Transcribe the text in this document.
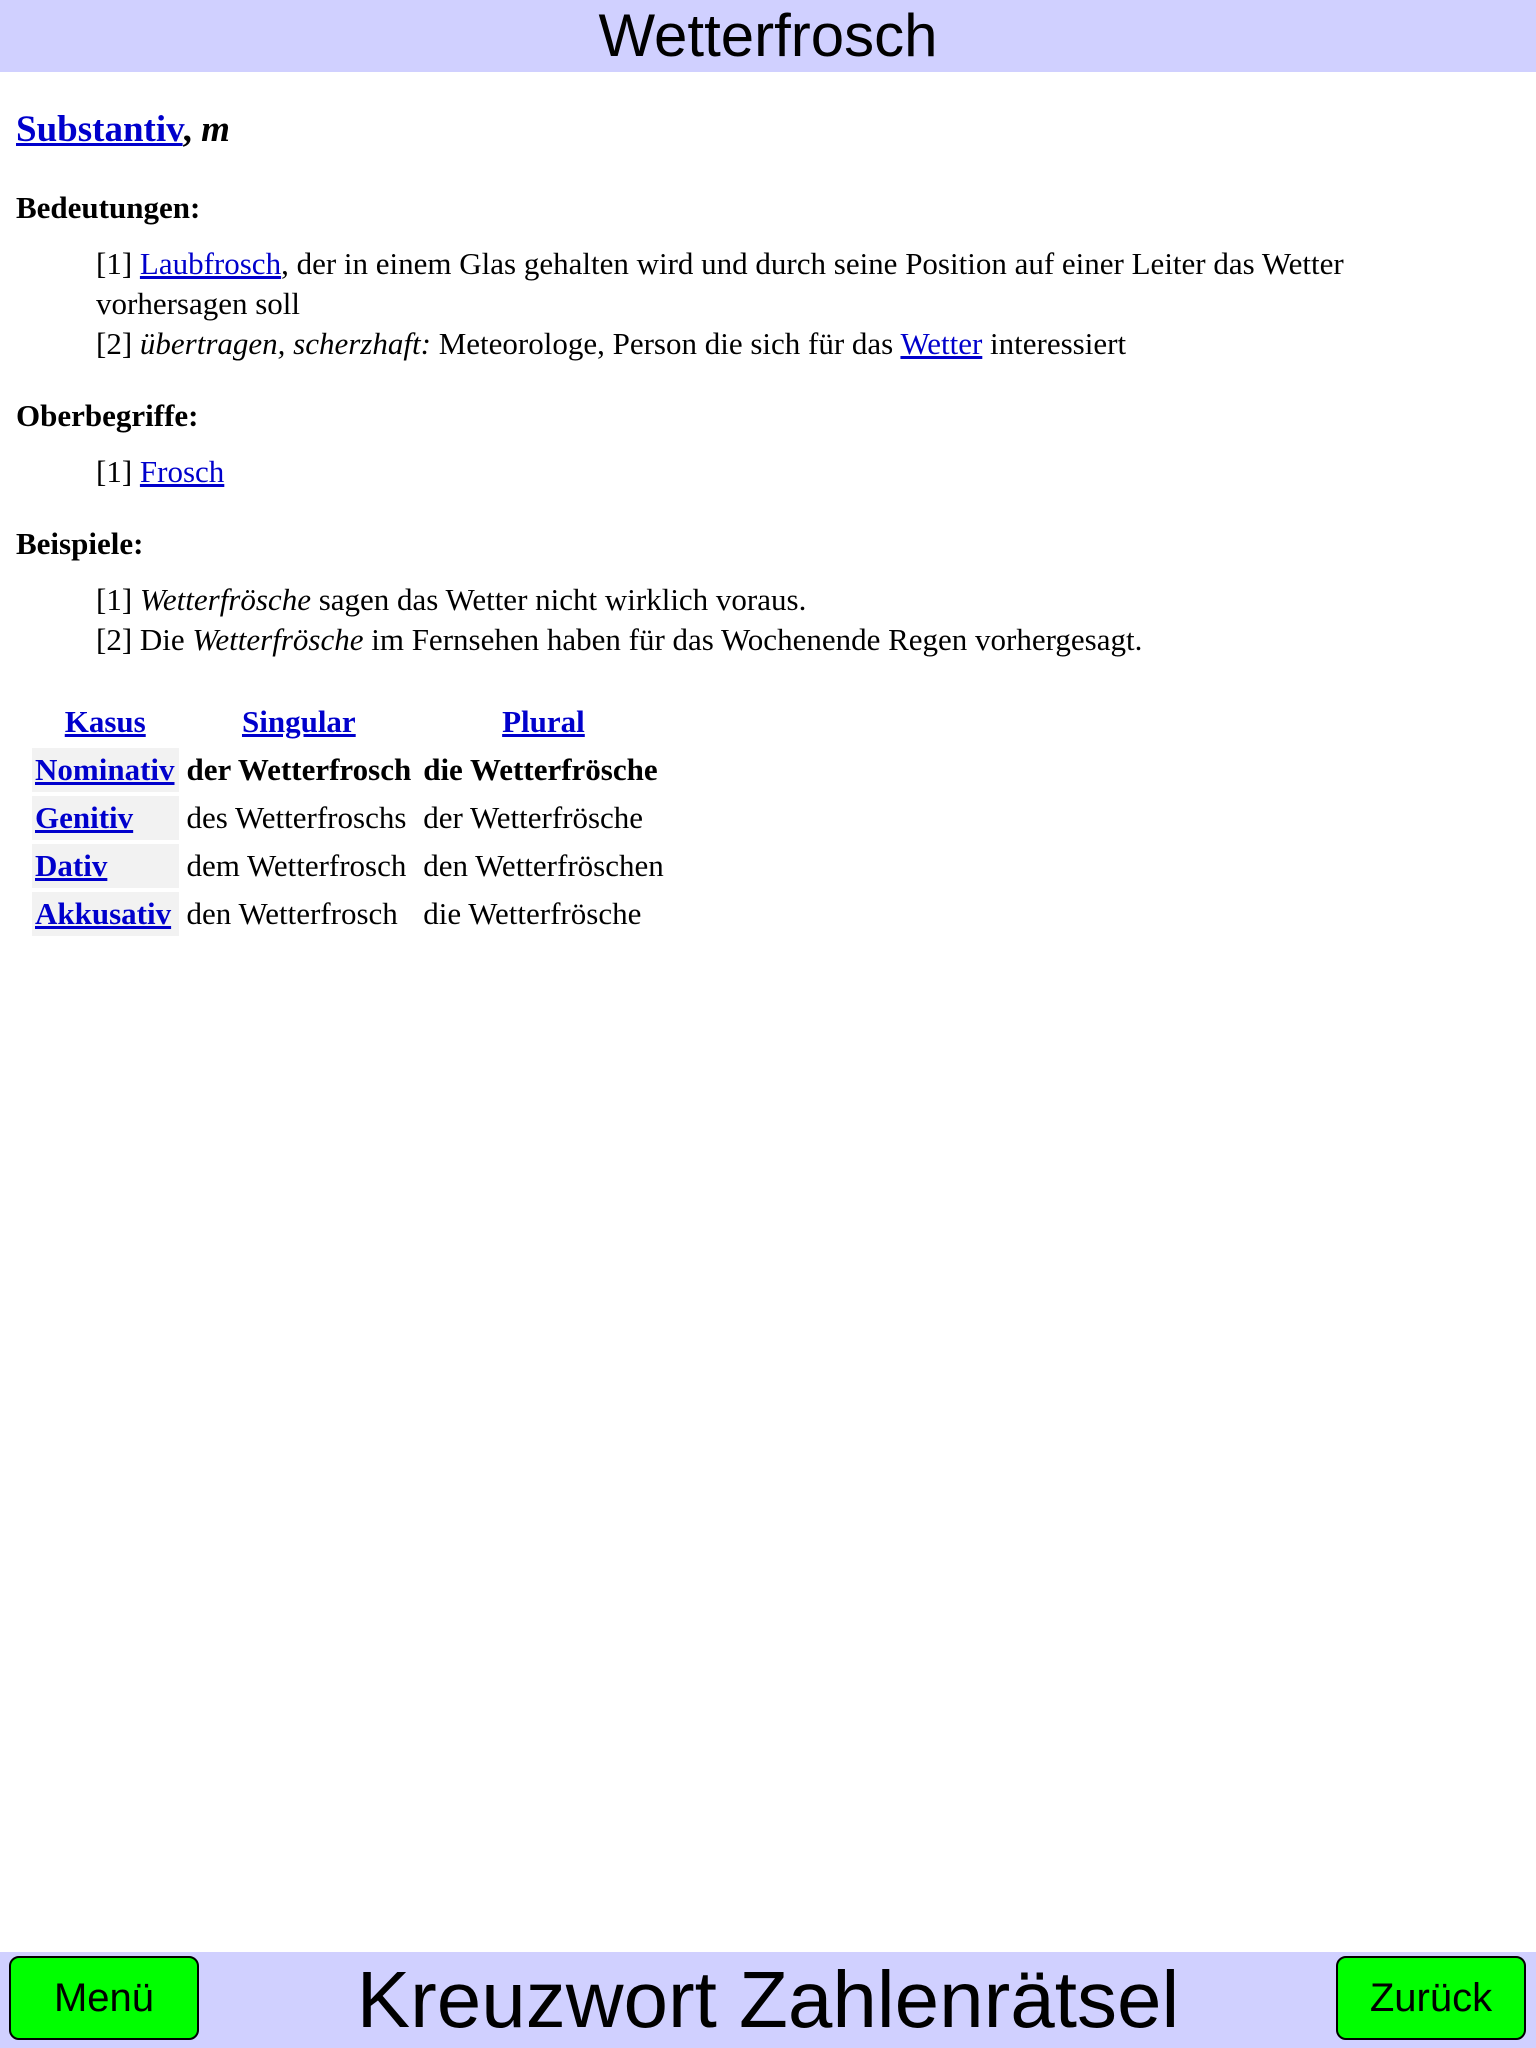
Wetterfrosch
Substantiv, m
Bedeutungen:
[1] Laubfrosch, der in einem Glas gehalten wird und durch seine Position auf einer Leiter das Wetter vorhersagen soll
[2] übertragen, scherzhaft: Meteorologe, Person die sich für das Wetter interessiert
Oberbegriffe:
[1] Frosch
Beispiele:
[1] Wetterfrösche sagen das Wetter nicht wirklich voraus.
[2] Die Wetterfrösche im Fernsehen haben für das Wochenende Regen vorhergesagt.
Kasus	Singular	Plural
Nominativ	der Wetterfrosch	die Wetterfrösche
Genitiv	des Wetterfroschs	der Wetterfrösche
Dativ	dem Wetterfrosch	den Wetterfröschen
Akkusativ	den Wetterfrosch	die Wetterfrösche
Menü	Kreuzwort Zahlenrätsel	Zurück
